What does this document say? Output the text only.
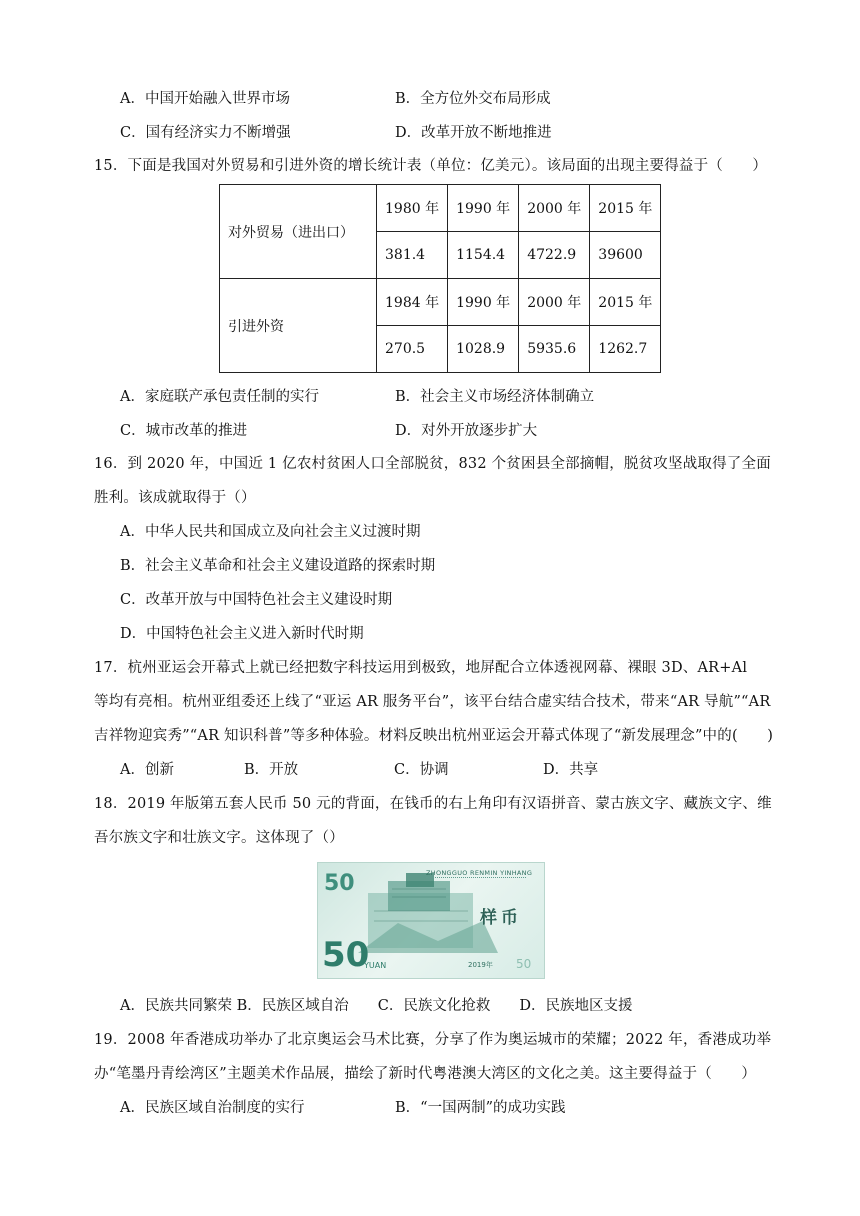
A．中国开始融入世界市场	B．全方位外交布局形成
C．国有经济实力不断增强	D．改革开放不断地推进
15．下面是我国对外贸易和引进外资的增长统计表（单位：亿美元）。该局面的出现主要得益于（　　）
对外贸易（进出口）	1980 年	1990 年	2000 年	2015 年
	381.4	1154.4	4722.9	39600
引进外资	1984 年	1990 年	2000 年	2015 年
	270.5	1028.9	5935.6	1262.7
A．家庭联产承包责任制的实行	B．社会主义市场经济体制确立
C．城市改革的推进	D．对外开放逐步扩大
16．到 2020 年，中国近 1 亿农村贫困人口全部脱贫，832 个贫困县全部摘帽，脱贫攻坚战取得了全面
胜利。该成就取得于（）
A．中华人民共和国成立及向社会主义过渡时期
B．社会主义革命和社会主义建设道路的探索时期
C．改革开放与中国特色社会主义建设时期
D．中国特色社会主义进入新时代时期
17．杭州亚运会开幕式上就已经把数字科技运用到极致，地屏配合立体透视网幕、裸眼 3D、AR+Al
等均有亮相。杭州亚组委还上线了“亚运 AR 服务平台”，该平台结合虚实结合技术，带来“AR 导航”“AR
吉祥物迎宾秀”“AR 知识科普”等多种体验。材料反映出杭州亚运会开幕式体现了“新发展理念”中的(　　)
A．创新	B．开放	C．协调	D．共享
18．2019 年版第五套人民币 50 元的背面，在钱币的右上角印有汉语拼音、蒙古族文字、藏族文字、维
吾尔族文字和壮族文字。这体现了（）
50
50
YUAN
ZHONGGUO RENMIN YINHANG
样币
2019年 50
A．民族共同繁荣 B．民族区域自治　　C．民族文化抢救　　D．民族地区支援
19．2008 年香港成功举办了北京奥运会马术比赛，分享了作为奥运城市的荣耀；2022 年，香港成功举
办“笔墨丹青绘湾区”主题美术作品展，描绘了新时代粤港澳大湾区的文化之美。这主要得益于（　　）
A．民族区域自治制度的实行	B．“一国两制”的成功实践
